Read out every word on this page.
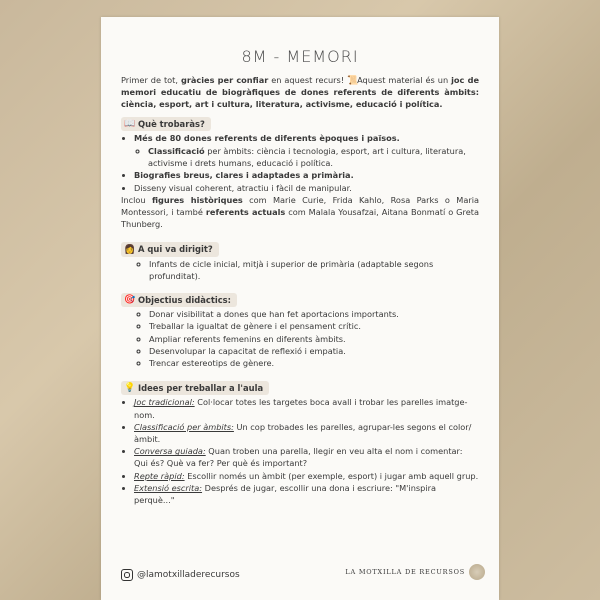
8M - MEMORI

Primer de tot, gràcies per confiar en aquest recurs! 📜Aquest material és un joc de memori educatiu de biogràfiques de dones referents de diferents àmbits: ciència, esport, art i cultura, literatura, activisme, educació i política.

📖 Què trobaràs?
• Més de 80 dones referents de diferents èpoques i països.
◦ Classificació per àmbits: ciència i tecnologia, esport, art i cultura, literatura, activisme i drets humans, educació i política.
• Biografies breus, clares i adaptades a primària.
• Disseny visual coherent, atractiu i fàcil de manipular.

Inclou figures històriques com Marie Curie, Frida Kahlo, Rosa Parks o Maria Montessori, i també referents actuals com Malala Yousafzai, Aitana Bonmatí o Greta Thunberg.

👩 A qui va dirigit?
◦ Infants de cicle inicial, mitjà i superior de primària (adaptable segons profunditat).
🎯 Objectius didàctics:
◦ Donar visibilitat a dones que han fet aportacions importants.
◦ Treballar la igualtat de gènere i el pensament crític.
◦ Ampliar referents femenins en diferents àmbits.
◦ Desenvolupar la capacitat de reflexió i empatia.
◦ Trencar estereotips de gènere.
💡 Idees per treballar a l'aula
• Joc tradicional: Col·locar totes les targetes boca avall i trobar les parelles imatge-nom.
• Classificació per àmbits: Un cop trobades les parelles, agrupar-les segons el color/àmbit.
• Conversa guiada: Quan troben una parella, llegir en veu alta el nom i comentar: Qui és? Què va fer? Per què és important?
• Repte ràpid: Escollir només un àmbit (per exemple, esport) i jugar amb aquell grup.
• Extensió escrita: Després de jugar, escollir una dona i escriure: "M'inspira perquè..."
@lamotxilladerecursos	LA MOTXILLA DE RECURSOS
